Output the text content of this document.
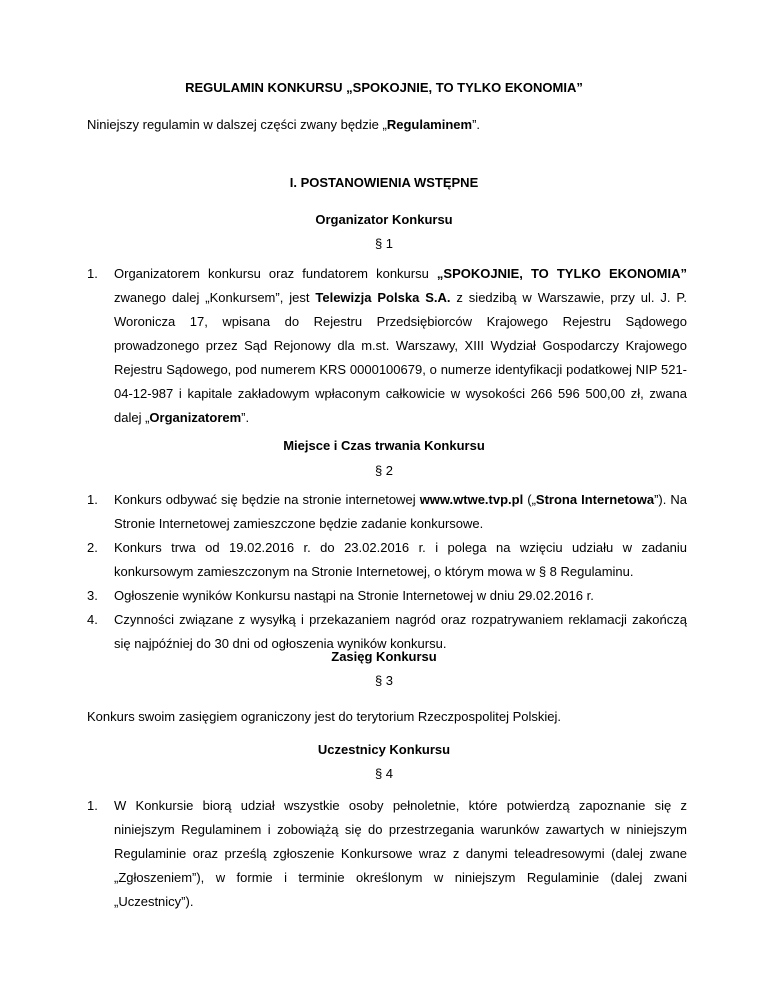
REGULAMIN KONKURSU „SPOKOJNIE, TO TYLKO EKONOMIA”
Niniejszy regulamin w dalszej części zwany będzie „Regulaminem”.
I. POSTANOWIENIA WSTĘPNE
Organizator Konkursu
§ 1
1. Organizatorem konkursu oraz fundatorem konkursu „SPOKOJNIE, TO TYLKO EKONOMIA” zwanego dalej „Konkursem”, jest Telewizja Polska S.A. z siedzibą w Warszawie, przy ul. J. P. Woronicza 17, wpisana do Rejestru Przedsiębiorców Krajowego Rejestru Sądowego prowadzonego przez Sąd Rejonowy dla m.st. Warszawy, XIII Wydział Gospodarczy Krajowego Rejestru Sądowego, pod numerem KRS 0000100679, o numerze identyfikacji podatkowej NIP 521-04-12-987 i kapitale zakładowym wpłaconym całkowicie w wysokości 266 596 500,00 zł, zwana dalej „Organizatorem”.
Miejsce i Czas trwania Konkursu
§ 2
1. Konkurs odbywać się będzie na stronie internetowej www.wtwe.tvp.pl („Strona Internetowa”). Na Stronie Internetowej zamieszczone będzie zadanie konkursowe.
2. Konkurs trwa od 19.02.2016 r. do 23.02.2016 r. i polega na wzięciu udziału w zadaniu konkursowym zamieszczonym na Stronie Internetowej, o którym mowa w § 8 Regulaminu.
3. Ogłoszenie wyników Konkursu nastąpi na Stronie Internetowej w dniu 29.02.2016 r.
4. Czynności związane z wysyłką i przekazaniem nagród oraz rozpatrywaniem reklamacji zakończą się najpóźniej do 30 dni od ogłoszenia wyników konkursu.
Zasięg Konkursu
§ 3
Konkurs swoim zasięgiem ograniczony jest do terytorium Rzeczpospolitej Polskiej.
Uczestnicy Konkursu
§ 4
1. W Konkursie biorą udział wszystkie osoby pełnoletnie, które potwierdzą zapoznanie się z niniejszym Regulaminem i zobowiążą się do przestrzegania warunków zawartych w niniejszym Regulaminie oraz prześlą zgłoszenie Konkursowe wraz z danymi teleadresowymi (dalej zwane „Zgłoszeniem”), w formie i terminie określonym w niniejszym Regulaminie (dalej zwani „Uczestnicy”).
